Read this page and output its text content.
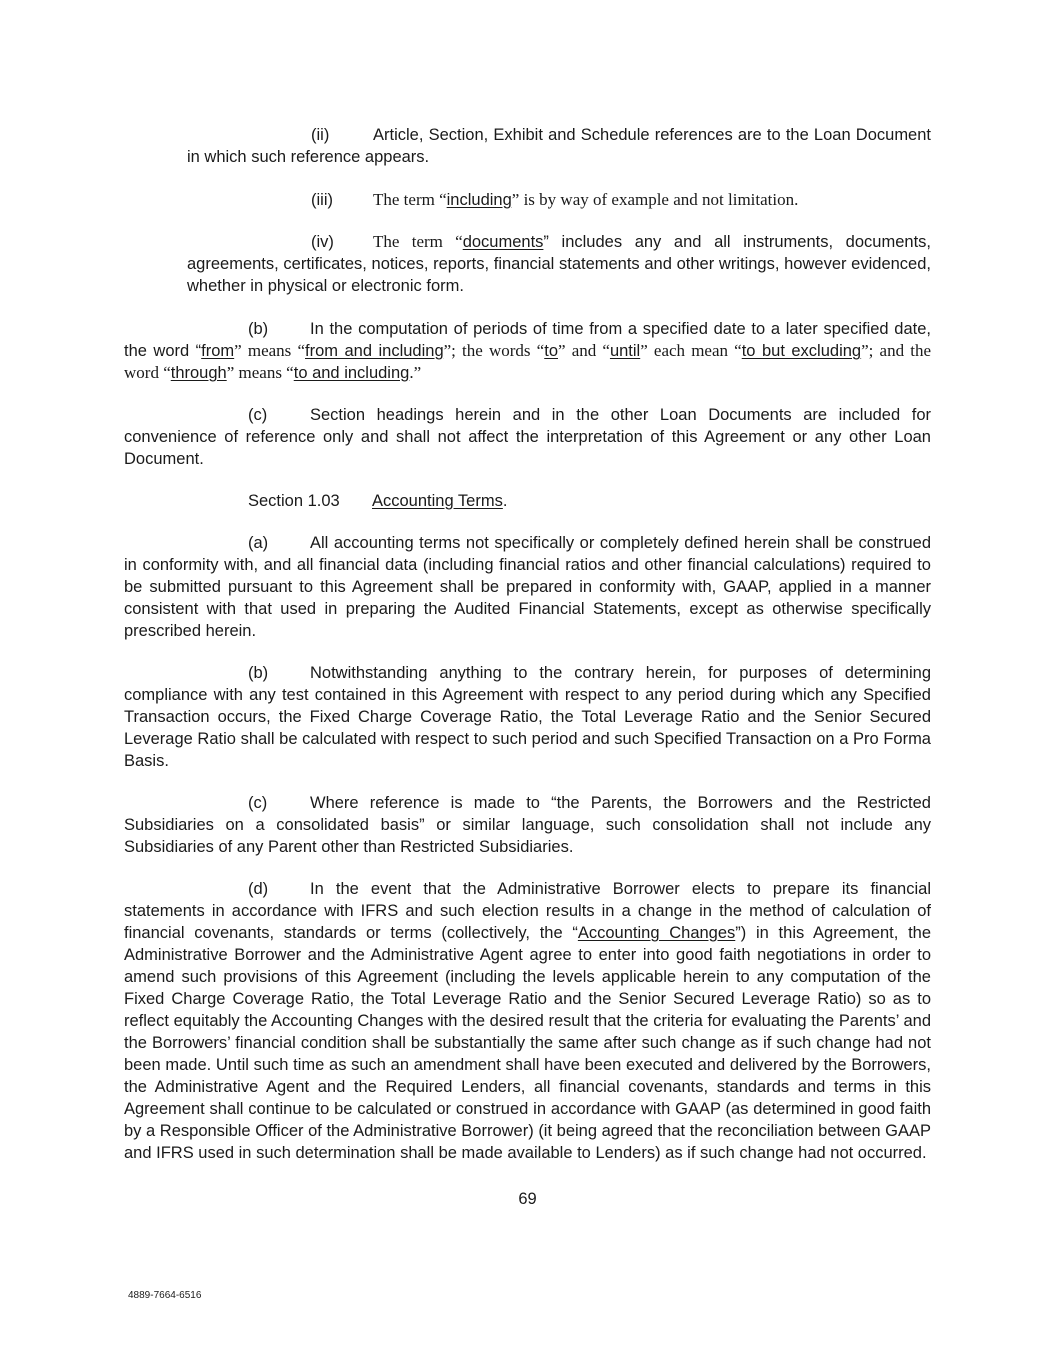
(ii)	Article, Section, Exhibit and Schedule references are to the Loan Document in which such reference appears.

(iii) The term “including” is by way of example and not limitation.

(iv) The term “documents” includes any and all instruments, documents, agreements, certificates, notices, reports, financial statements and other writings, however evidenced, whether in physical or electronic form.

(b)	In the computation of periods of time from a specified date to a later specified date, the word “from” means “from and including”; the words “to” and “until” each mean “to but excluding”; and the word “through” means “to and including.”

(c)	Section headings herein and in the other Loan Documents are included for convenience of reference only and shall not affect the interpretation of this Agreement or any other Loan Document.

Section 1.03 Accounting Terms.

(a)	All accounting terms not specifically or completely defined herein shall be construed in conformity with, and all financial data (including financial ratios and other financial calculations) required to be submitted pursuant to this Agreement shall be prepared in conformity with, GAAP, applied in a manner consistent with that used in preparing the Audited Financial Statements, except as otherwise specifically prescribed herein.

(b)	Notwithstanding anything to the contrary herein, for purposes of determining compliance with any test contained in this Agreement with respect to any period during which any Specified Transaction occurs, the Fixed Charge Coverage Ratio, the Total Leverage Ratio and the Senior Secured Leverage Ratio shall be calculated with respect to such period and such Specified Transaction on a Pro Forma Basis.

(c)	Where reference is made to “the Parents, the Borrowers and the Restricted Subsidiaries on a consolidated basis” or similar language, such consolidation shall not include any Subsidiaries of any Parent other than Restricted Subsidiaries.

(d)	In the event that the Administrative Borrower elects to prepare its financial statements in accordance with IFRS and such election results in a change in the method of calculation of financial covenants, standards or terms (collectively, the “Accounting Changes”) in this Agreement, the Administrative Borrower and the Administrative Agent agree to enter into good faith negotiations in order to amend such provisions of this Agreement (including the levels applicable herein to any computation of the Fixed Charge Coverage Ratio, the Total Leverage Ratio and the Senior Secured Leverage Ratio) so as to reflect equitably the Accounting Changes with the desired result that the criteria for evaluating the Parents’ and the Borrowers’ financial condition shall be substantially the same after such change as if such change had not been made. Until such time as such an amendment shall have been executed and delivered by the Borrowers, the Administrative Agent and the Required Lenders, all financial covenants, standards and terms in this Agreement shall continue to be calculated or construed in accordance with GAAP (as determined in good faith by a Responsible Officer of the Administrative Borrower) (it being agreed that the reconciliation between GAAP and IFRS used in such determination shall be made available to Lenders) as if such change had not occurred.

69
4889-7664-6516
